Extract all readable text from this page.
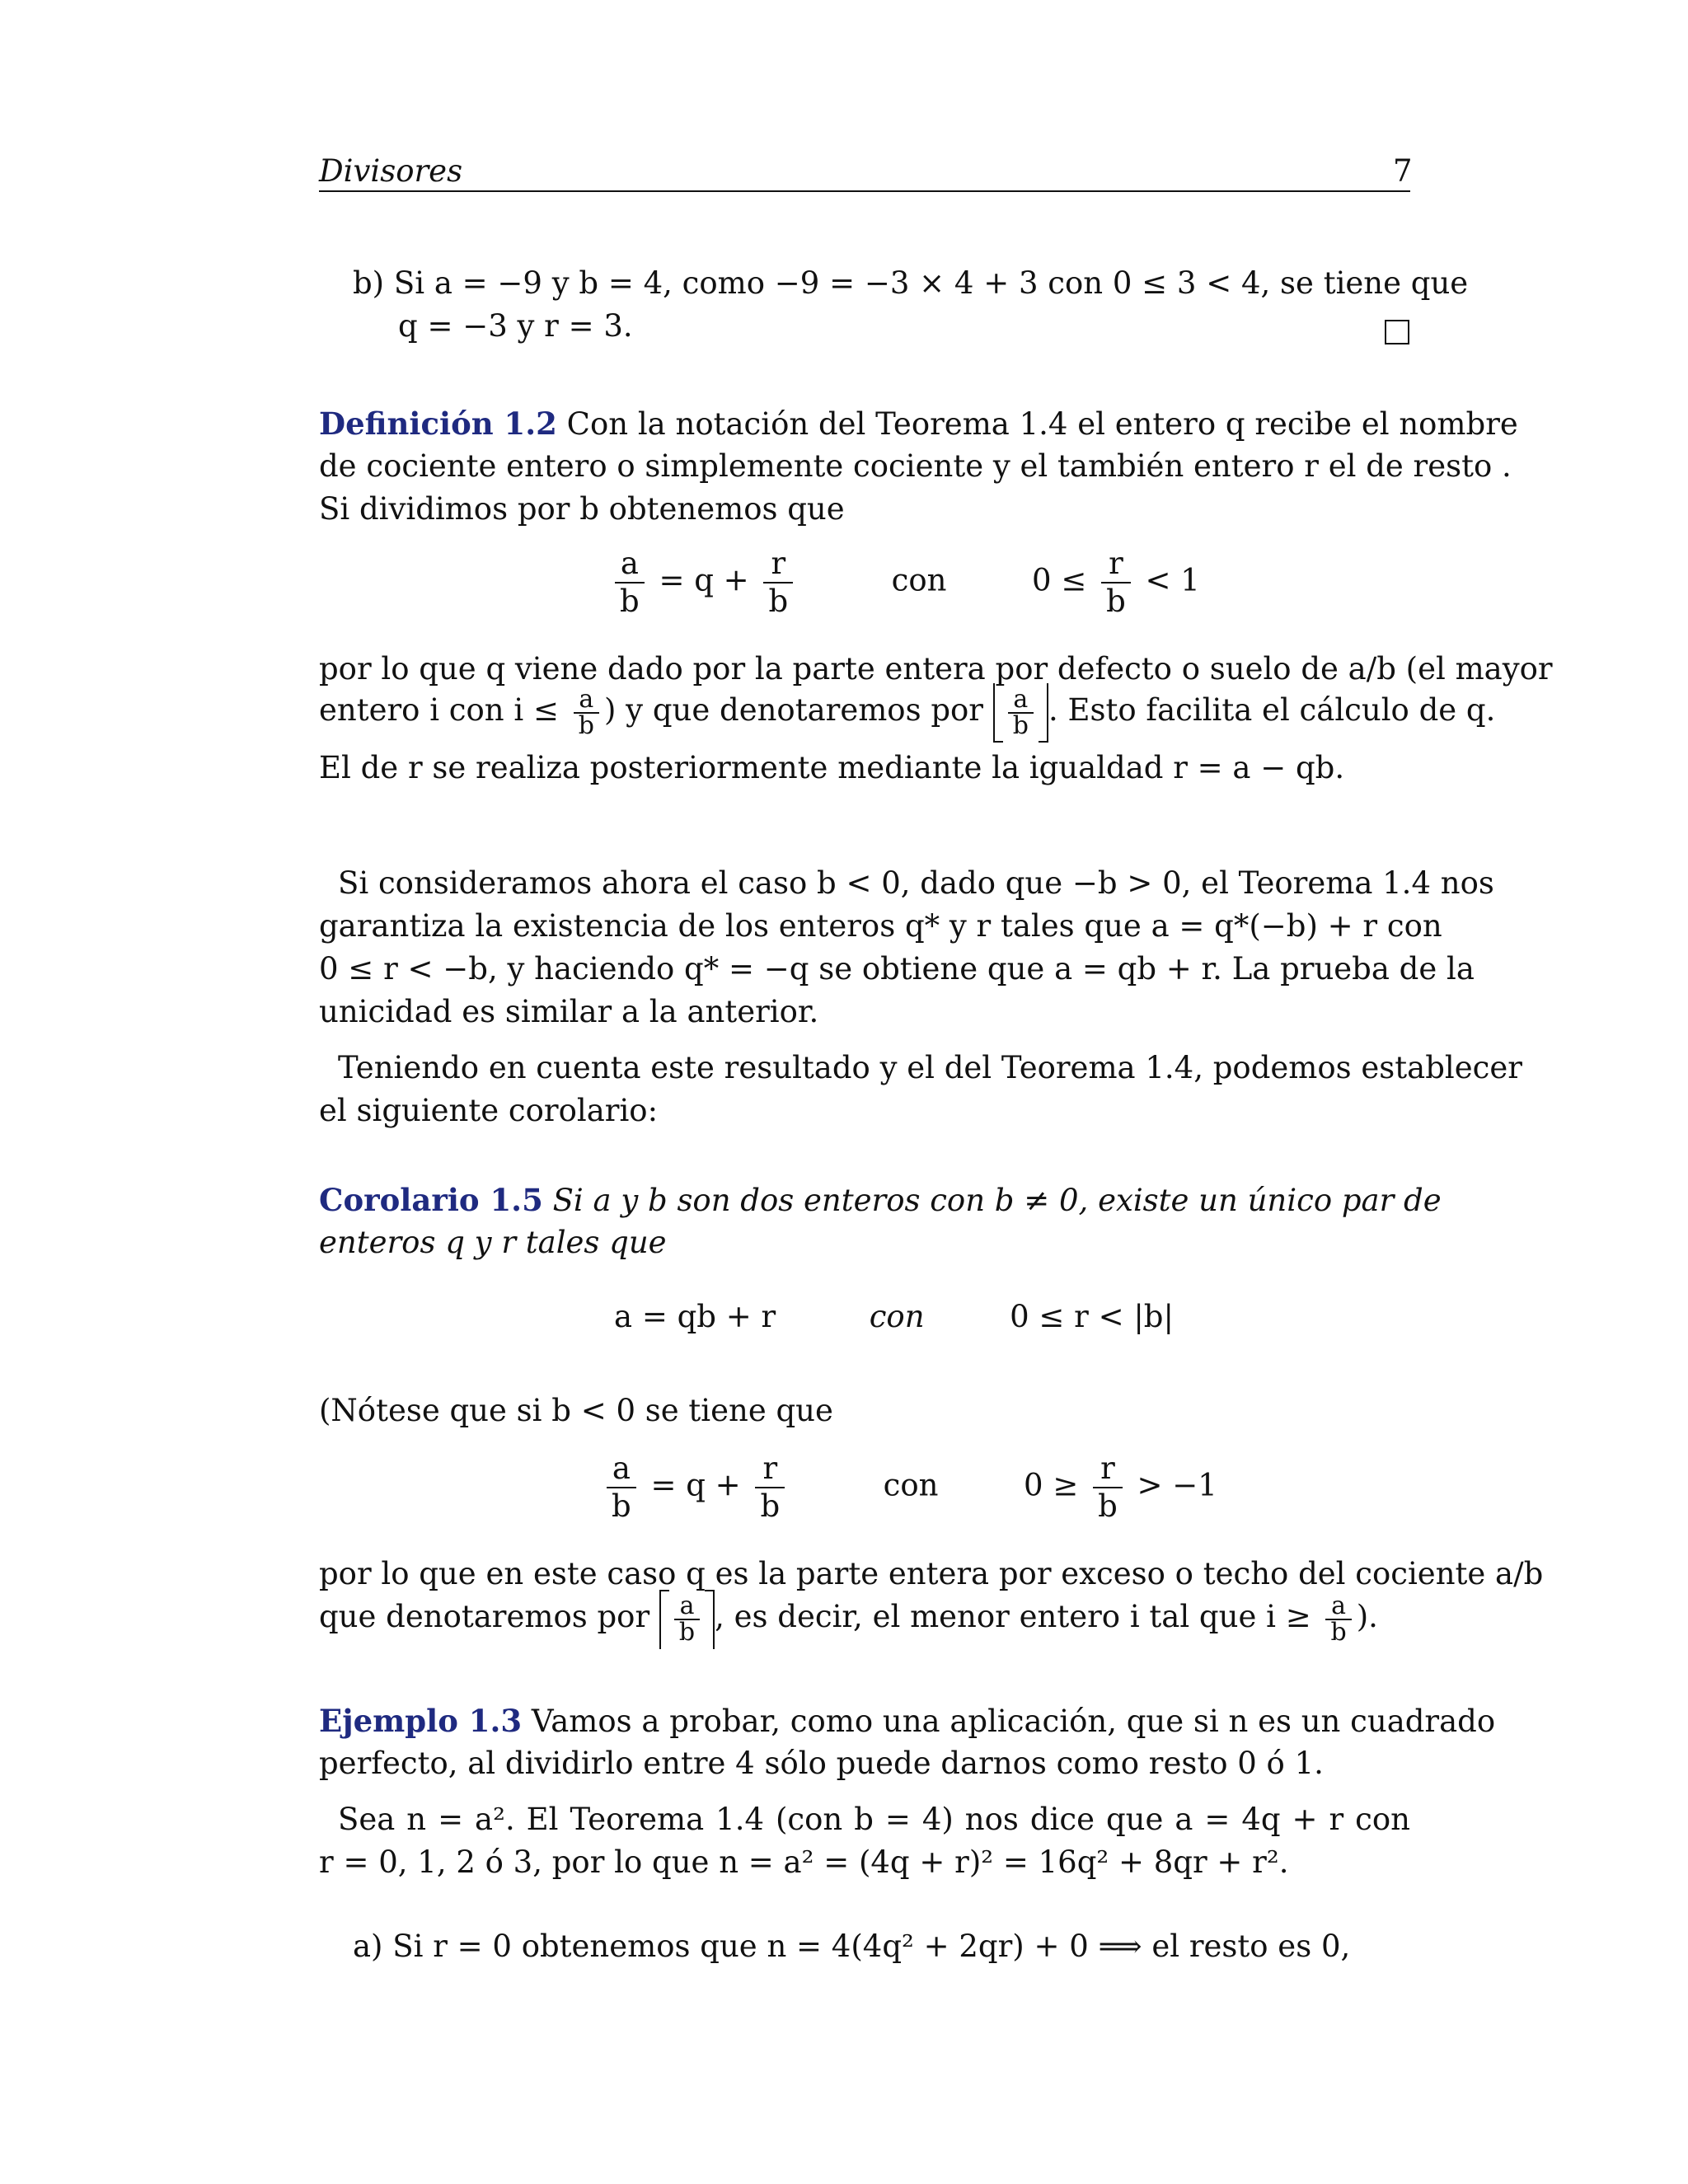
Divisores	7
b) Si a = −9 y b = 4, como −9 = −3 × 4 + 3 con 0 ≤ 3 < 4, se tiene que
q = −3 y r = 3.
Definición 1.2 Con la notación del Teorema 1.4 el entero q recibe el nombre
de cociente entero o simplemente cociente y el también entero r el de resto .
Si dividimos por b obtenemos que
$\frac{a}{b} = q + \frac{r}{b}$	con	$0 \le \frac{r}{b} < 1$
por lo que q viene dado por la parte entera por defecto o suelo de a/b (el mayor
entero i con $i \le \frac{a}{b}$ ) y que denotaremos por $\frac{a}{b}$ . Esto facilita el cálculo de q.
El de r se realiza posteriormente mediante la igualdad r = a − qb.
Si consideramos ahora el caso b < 0, dado que −b > 0, el Teorema 1.4 nos
garantiza la existencia de los enteros q* y r tales que a = q*(−b) + r con
0 ≤ r < −b, y haciendo q* = −q se obtiene que a = qb + r. La prueba de la
unicidad es similar a la anterior.
Teniendo en cuenta este resultado y el del Teorema 1.4, podemos establecer
el siguiente corolario:
Corolario 1.5 Si a y b son dos enteros con b ≠ 0, existe un único par de
enteros q y r tales que
a = qb + r	con	0 ≤ r < |b|
(Nótese que si b < 0 se tiene que
$\frac{a}{b} = q + \frac{r}{b}$	con	$0 \ge \frac{r}{b} > -1$
por lo que en este caso q es la parte entera por exceso o techo del cociente a/b
que denotaremos por $\frac{a}{b}$ , es decir, el menor entero i tal que $i \ge \frac{a}{b}$ ).
Ejemplo 1.3 Vamos a probar, como una aplicación, que si n es un cuadrado
perfecto, al dividirlo entre 4 sólo puede darnos como resto 0 ó 1.
Sea n = a². El Teorema 1.4 (con b = 4) nos dice que a = 4q + r con
r = 0, 1, 2 ó 3, por lo que n = a² = (4q + r)² = 16q² + 8qr + r².
a) Si r = 0 obtenemos que n = 4(4q² + 2qr) + 0 ⟹ el resto es 0,
